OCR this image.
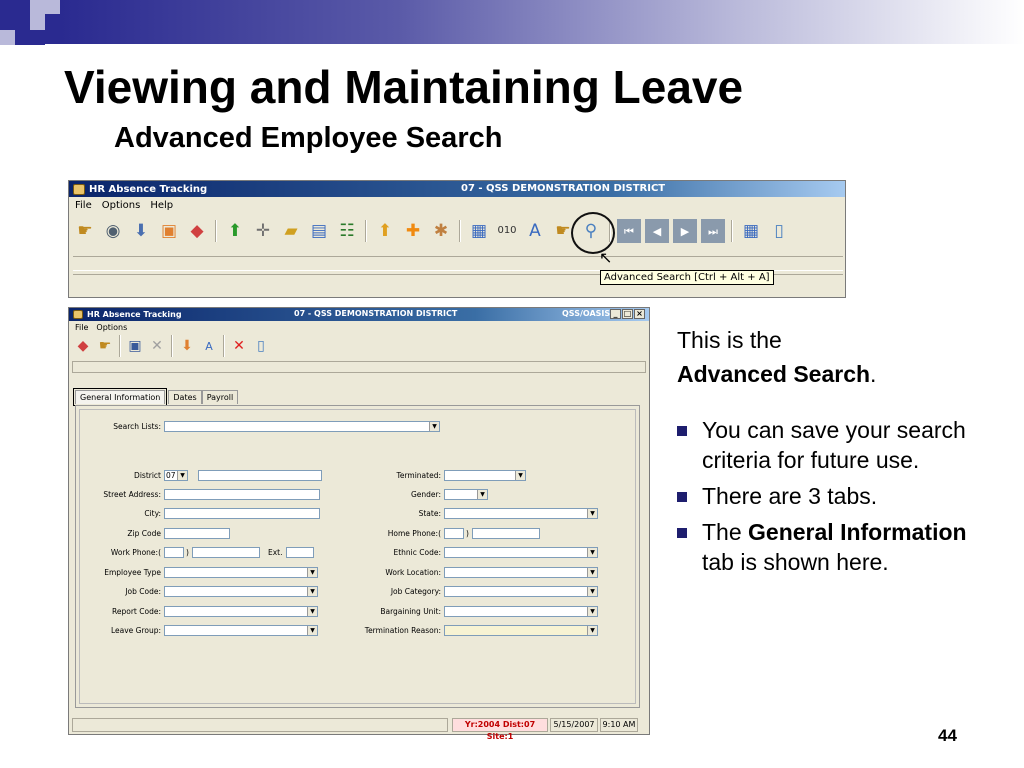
Viewing and Maintaining Leave
Advanced Employee Search
HR Absence Tracking	07 - QSS DEMONSTRATION DISTRICT
File Options Help
☛ ◉ ⬇ ▣ ◆	⬆ ✛ ▰ ▤ ☷ ⬆ ✚ ✱ ▦	010 A ☛ ⚲	⏮	◀	▶	⏭	▦ ▯
↖
Advanced Search [Ctrl + Alt + A]
HR Absence Tracking	07 - QSS DEMONSTRATION DISTRICT	QSS/OASIS _ □ ×
File Options
◆ ☛ ▣ ✕ ⬇	A	✕ ▯
General Information	Dates	Payroll
Search Lists:	▼
District 07 ▼
Street Address:
City:
Zip Code
Work Phone:(	)	Ext.
Employee Type	▼
Job Code:	▼
Report Code:	▼
Leave Group:	▼
Terminated:	▼
Gender:	▼
State:	▼
Home Phone:(	)
Ethnic Code:	▼
Work Location:	▼
Job Category:	▼
Bargaining Unit:	▼
Termination Reason:	▼
Yr:2004 Dist:07 Site:1
5/15/2007	9:10 AM
This is the
Advanced Search.
You can save your search criteria for future use.
There are 3 tabs.
The General Information tab is shown here.
44
